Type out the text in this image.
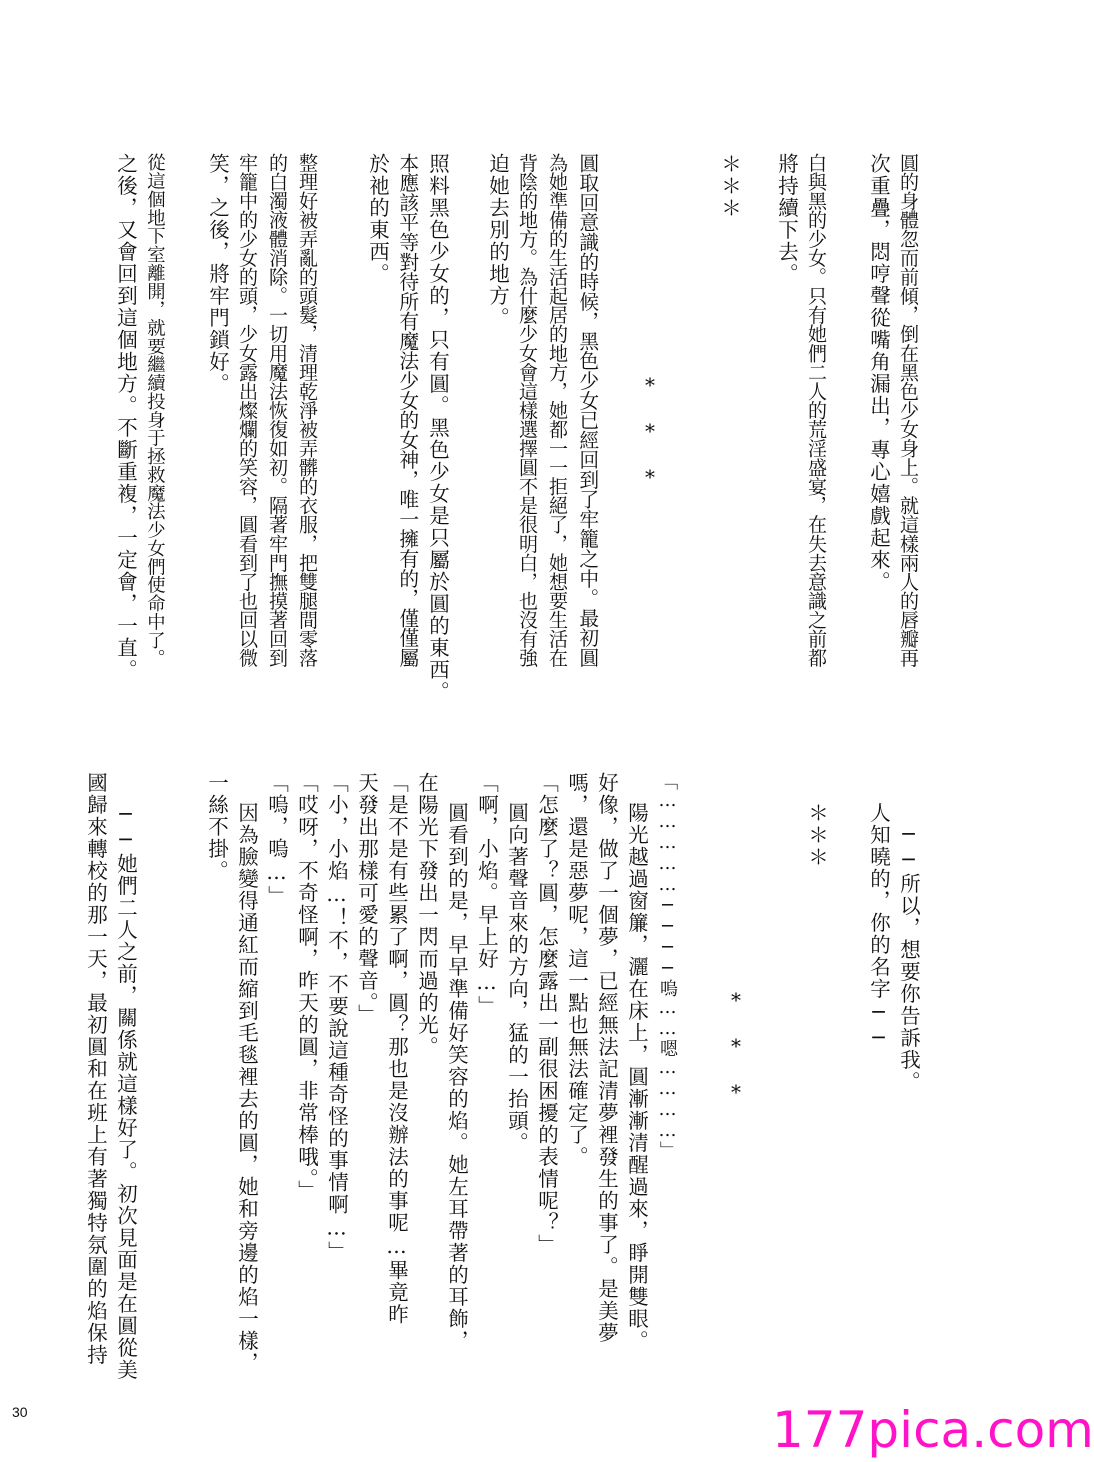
圓的身體忽而前傾，倒在黑色少女身上。就這樣兩人的唇瓣再
次重疊，悶哼聲從嘴角漏出，專心嬉戲起來。
白與黑的少女。只有她們二人的荒淫盛宴，在失去意識之前都
將持續下去。
＊＊＊
*
*
*
圓取回意識的時候，黑色少女已經回到了牢籠之中。最初圓
為她準備的生活起居的地方，她都一一拒絕了，她想要生活在
背陰的地方。為什麼少女會這樣選擇圓不是很明白，也沒有強
迫她去別的地方。
照料黑色少女的，只有圓。黑色少女是只屬於圓的東西。
本應該平等對待所有魔法少女的女神，唯一擁有的，僅僅屬
於祂的東西。
整理好被弄亂的頭髮，清理乾淨被弄髒的衣服，把雙腿間零落
的白濁液體消除。一切用魔法恢復如初。隔著牢門撫摸著回到
牢籠中的少女的頭，少女露出燦爛的笑容，圓看到了也回以微
笑，之後，將牢門鎖好。
從這個地下室離開，就要繼續投身于拯救魔法少女們使命中了。
之後，又會回到這個地方。不斷重複，一定會，一直。
──所以，想要你告訴我。
人知曉的，你的名字──
＊＊＊
*
*
*
「……………────嗚……嗯…………」
陽光越過窗簾，灑在床上，圓漸漸清醒過來，睜開雙眼。
好像，做了一個夢，已經無法記清夢裡發生的事了。是美夢
嗎，還是惡夢呢，這一點也無法確定了。
「怎麼了？圓，怎麼露出一副很困擾的表情呢？」
圓向著聲音來的方向，猛的一抬頭。
「啊，小焰。早上好…」
圓看到的是，早早準備好笑容的焰。她左耳帶著的耳飾，
在陽光下發出一閃而過的光。
「是不是有些累了啊，圓？那也是沒辦法的事呢…畢竟昨
天發出那樣可愛的聲音。」
「小，小焰…！不，不要說這種奇怪的事情啊…」
「哎呀，不奇怪啊，昨天的圓，非常棒哦。」
「嗚，嗚…」
因為臉變得通紅而縮到毛毯裡去的圓，她和旁邊的焰一樣，
一絲不掛。
──她們二人之前，關係就這樣好了。初次見面是在圓從美
國歸來轉校的那一天，最初圓和在班上有著獨特氛圍的焰保持
30	177pica.com
